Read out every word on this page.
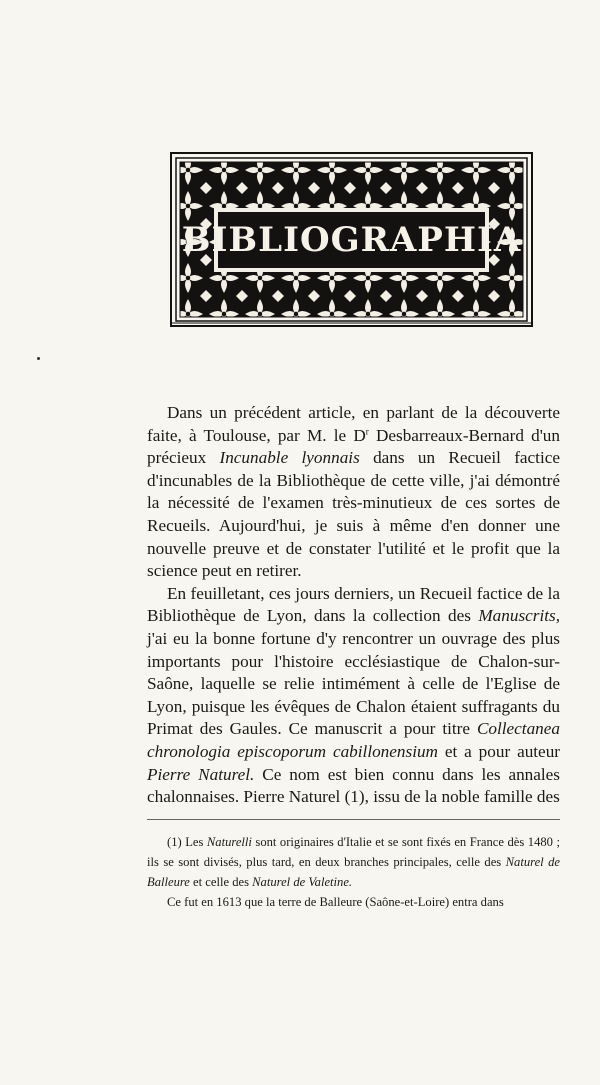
BIBLIOGRAPHIA

Dans un précédent article, en parlant de la découverte faite, à Toulouse, par M. le $D^r$ Desbarreaux-Bernard d'un précieux Incunable lyonnais dans un Recueil factice d'incunables de la Bibliothèque de cette ville, j'ai démontré la nécessité de l'examen très-minutieux de ces sortes de Recueils. Aujourd'hui, je suis à même d'en donner une nouvelle preuve et de constater l'utilité et le profit que la science peut en retirer.

En feuilletant, ces jours derniers, un Recueil factice de la Bibliothèque de Lyon, dans la collection des Manuscrits, j'ai eu la bonne fortune d'y rencontrer un ouvrage des plus importants pour l'histoire ecclésiastique de Chalon-sur-Saône, laquelle se relie intimément à celle de l'Eglise de Lyon, puisque les évêques de Chalon étaient suffragants du Primat des Gaules. Ce manuscrit a pour titre Collectanea chronologia episcoporum cabillonensium et a pour auteur Pierre Naturel. Ce nom est bien connu dans les annales chalonnaises. Pierre Naturel (1), issu de la noble famille des

(1) Les Naturelli sont originaires d'Italie et se sont fixés en France dès 1480 ; ils se sont divisés, plus tard, en deux branches principales, celle des Naturel de Balleure et celle des Naturel de Valetine.

Ce fut en 1613 que la terre de Balleure (Saône-et-Loire) entra dans
